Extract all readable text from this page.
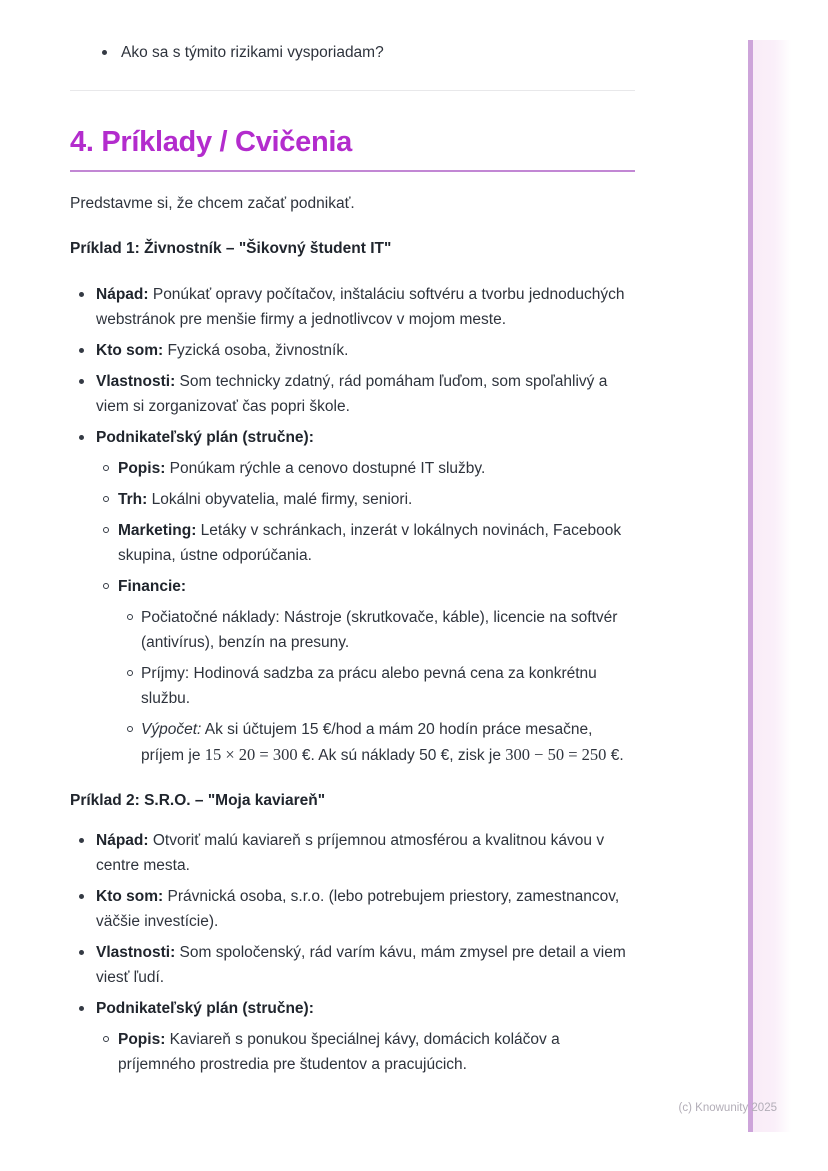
Ako sa s týmito rizikami vysporiadam?
4. Príklady / Cvičenia

Predstavme si, že chcem začať podnikať.

Príklad 1: Živnostník – "Šikovný študent IT"

Nápad: Ponúkať opravy počítačov, inštaláciu softvéru a tvorbu jednoduchých webstránok pre menšie firmy a jednotlivcov v mojom meste.
Kto som: Fyzická osoba, živnostník.
Vlastnosti: Som technicky zdatný, rád pomáham ľuďom, som spoľahlivý a viem si zorganizovať čas popri škole.
Podnikateľský plán (stručne):
Popis: Ponúkam rýchle a cenovo dostupné IT služby.
Trh: Lokálni obyvatelia, malé firmy, seniori.
Marketing: Letáky v schránkach, inzerát v lokálnych novinách, Facebook skupina, ústne odporúčania.
Financie:
Počiatočné náklady: Nástroje (skrutkovače, káble), licencie na softvér (antivírus), benzín na presuny.
Príjmy: Hodinová sadzba za prácu alebo pevná cena za konkrétnu službu.
Výpočet: Ak si účtujem 15 €/hod a mám 20 hodín práce mesačne, príjem je 15 × 20 = 300 €. Ak sú náklady 50 €, zisk je 300 − 50 = 250 €.

Príklad 2: S.R.O. – "Moja kaviareň"

Nápad: Otvoriť malú kaviareň s príjemnou atmosférou a kvalitnou kávou v centre mesta.
Kto som: Právnická osoba, s.r.o. (lebo potrebujem priestory, zamestnancov, väčšie investície).
Vlastnosti: Som spoločenský, rád varím kávu, mám zmysel pre detail a viem viesť ľudí.
Podnikateľský plán (stručne):
Popis: Kaviareň s ponukou špeciálnej kávy, domácich koláčov a príjemného prostredia pre študentov a pracujúcich.
(c) Knowunity 2025
